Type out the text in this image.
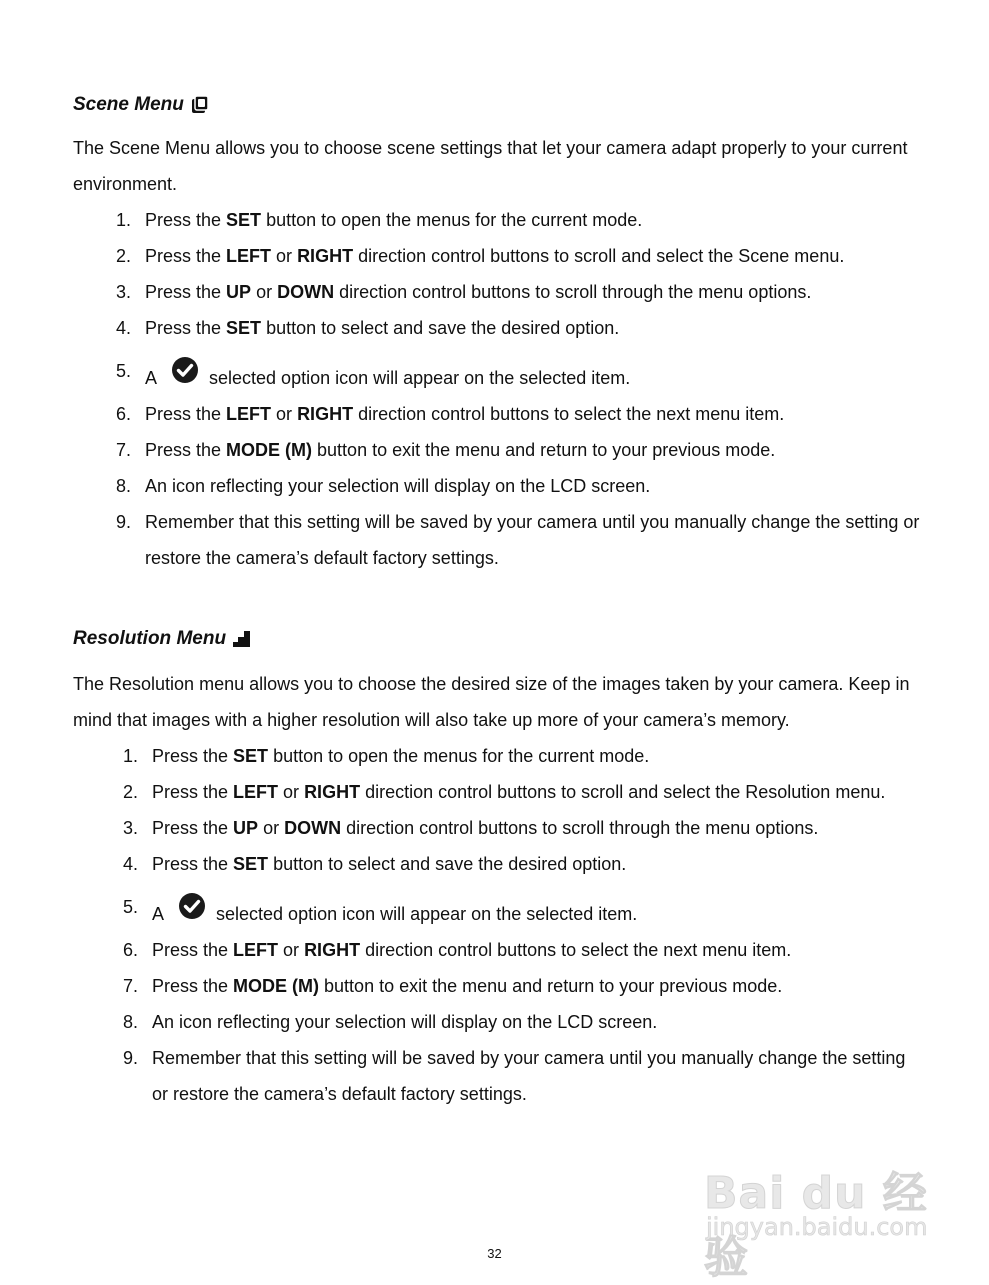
Scene Menu

The Scene Menu allows you to choose scene settings that let your camera adapt properly to your current environment.

1. Press the SET button to open the menus for the current mode.
2. Press the LEFT or RIGHT direction control buttons to scroll and select the Scene menu.
3. Press the UP or DOWN direction control buttons to scroll through the menu options.
4. Press the SET button to select and save the desired option.
5. A	selected option icon will appear on the selected item.
6. Press the LEFT or RIGHT direction control buttons to select the next menu item.
7. Press the MODE (M) button to exit the menu and return to your previous mode.
8. An icon reflecting your selection will display on the LCD screen.
9. Remember that this setting will be saved by your camera until you manually change the setting or restore the camera’s default factory settings.
Resolution Menu

The Resolution menu allows you to choose the desired size of the images taken by your camera. Keep in mind that images with a higher resolution will also take up more of your camera’s memory.

1. Press the SET button to open the menus for the current mode.
2. Press the LEFT or RIGHT direction control buttons to scroll and select the Resolution menu.
3. Press the UP or DOWN direction control buttons to scroll through the menu options.
4. Press the SET button to select and save the desired option.
5. A	selected option icon will appear on the selected item.
6. Press the LEFT or RIGHT direction control buttons to select the next menu item.
7. Press the MODE (M) button to exit the menu and return to your previous mode.
8. An icon reflecting your selection will display on the LCD screen.
9. Remember that this setting will be saved by your camera until you manually change the setting or restore the camera’s default factory settings.
32
Bai du 经验
jingyan.baidu.com
